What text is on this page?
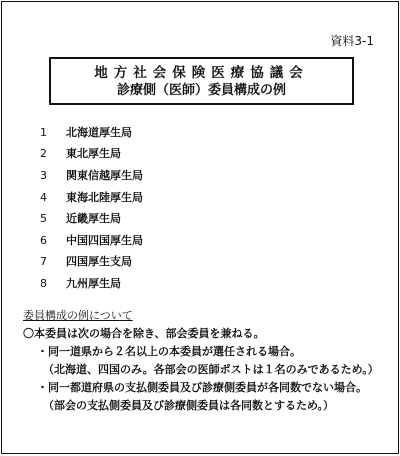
資料3-1
地方社会保険医療協議会
診療側（医師）委員構成の例
1	北海道厚生局
2	東北厚生局
3	関東信越厚生局
4	東海北陸厚生局
5	近畿厚生局
6	中国四国厚生局
7	四国厚生支局
8	九州厚生局
委員構成の例について
〇本委員は次の場合を除き、部会委員を兼ねる。
・同一道県から２名以上の本委員が選任される場合。
（北海道、四国のみ。各部会の医師ポストは１名のみであるため。）
・同一都道府県の支払側委員及び診療側委員が各同数でない場合。
（部会の支払側委員及び診療側委員は各同数とするため。）
